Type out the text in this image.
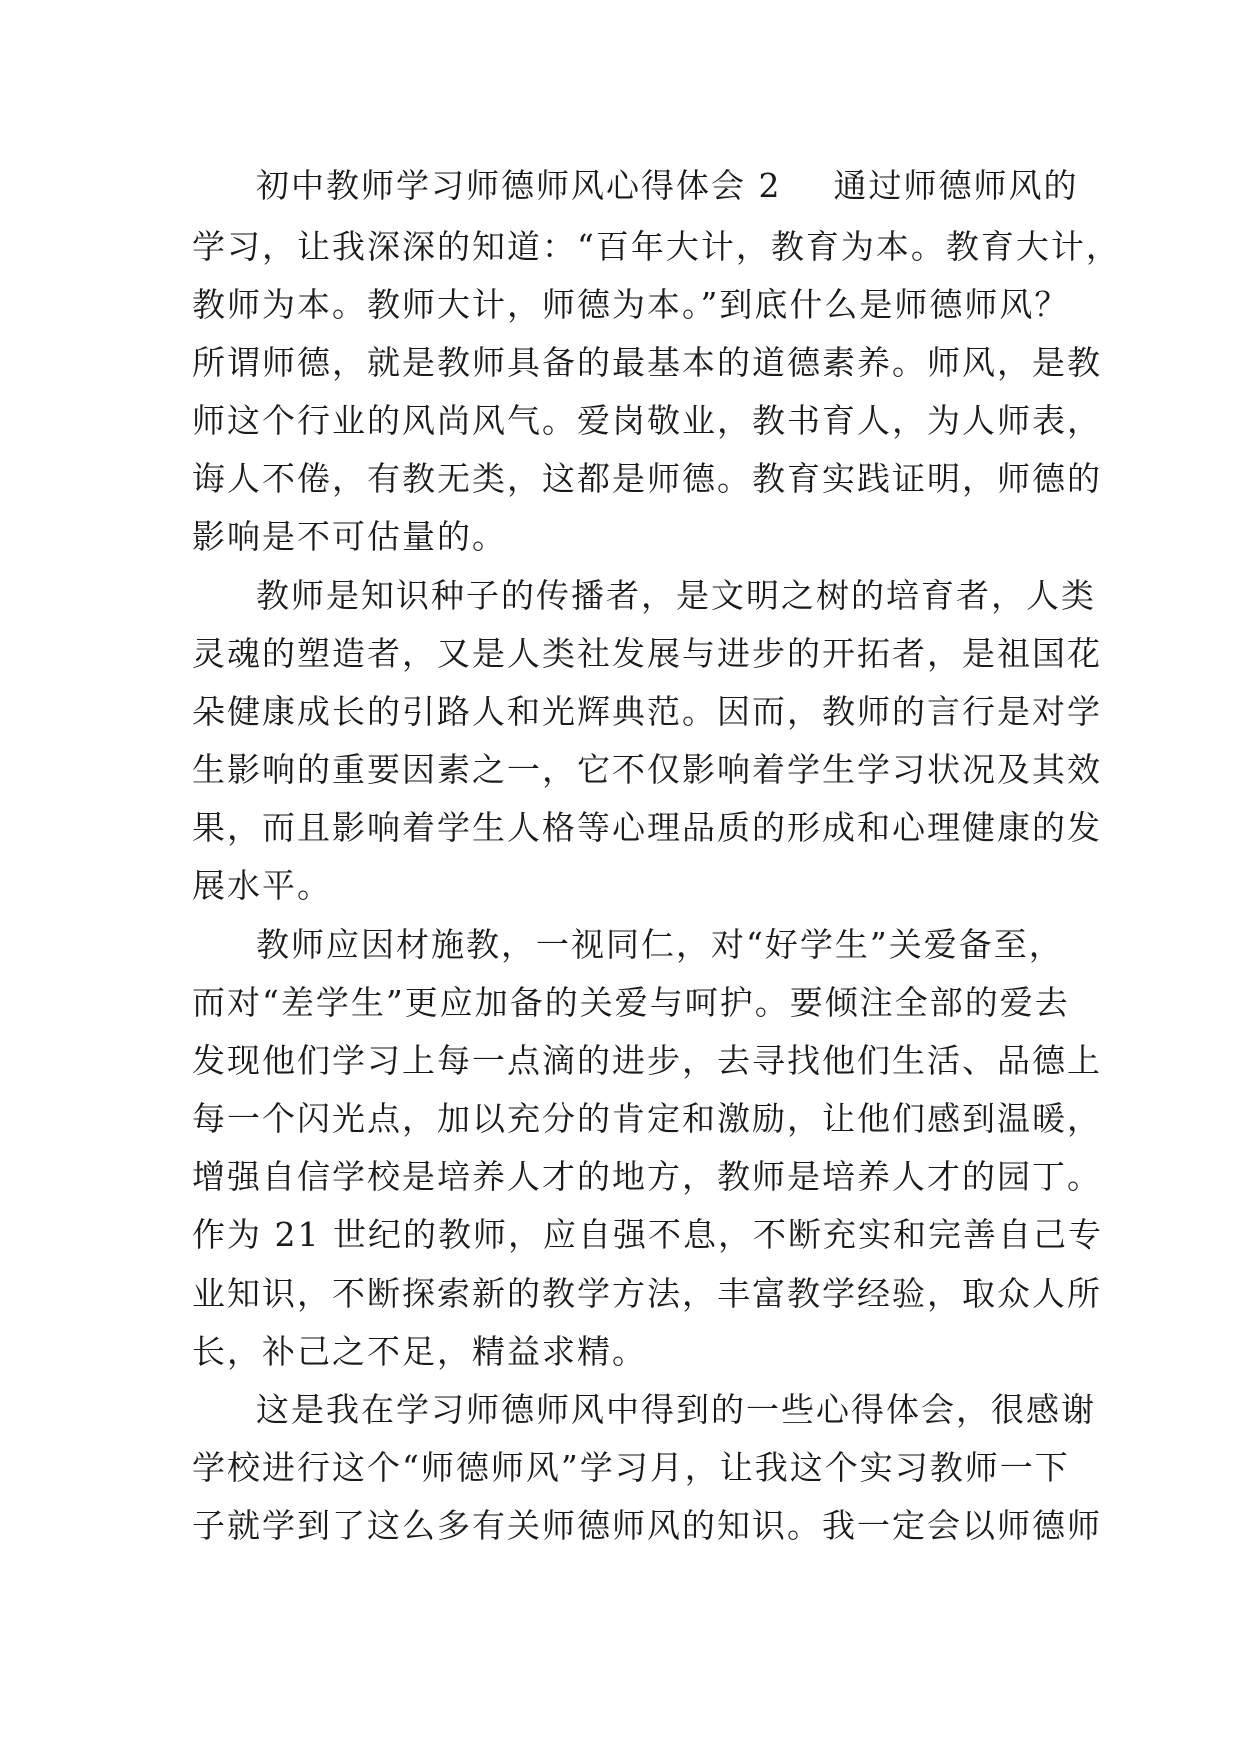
初中教师学习师德师风心得体会 2 通过师德师风的

学习，让我深深的知道：“百年大计，教育为本。教育大计，

教师为本。教师大计，师德为本。”到底什么是师德师风？

所谓师德，就是教师具备的最基本的道德素养。师风，是教

师这个行业的风尚风气。爱岗敬业，教书育人，为人师表，

诲人不倦，有教无类，这都是师德。教育实践证明，师德的

影响是不可估量的。

教师是知识种子的传播者，是文明之树的培育者，人类

灵魂的塑造者，又是人类社发展与进步的开拓者，是祖国花

朵健康成长的引路人和光辉典范。因而，教师的言行是对学

生影响的重要因素之一，它不仅影响着学生学习状况及其效

果，而且影响着学生人格等心理品质的形成和心理健康的发

展水平。

教师应因材施教，一视同仁，对“好学生”关爱备至，

而对“差学生”更应加备的关爱与呵护。要倾注全部的爱去

发现他们学习上每一点滴的进步，去寻找他们生活、品德上

每一个闪光点，加以充分的肯定和激励，让他们感到温暖，

增强自信学校是培养人才的地方，教师是培养人才的园丁。

作为 21 世纪的教师，应自强不息，不断充实和完善自己专

业知识，不断探索新的教学方法，丰富教学经验，取众人所

长，补己之不足，精益求精。

这是我在学习师德师风中得到的一些心得体会，很感谢

学校进行这个“师德师风”学习月，让我这个实习教师一下

子就学到了这么多有关师德师风的知识。我一定会以师德师
